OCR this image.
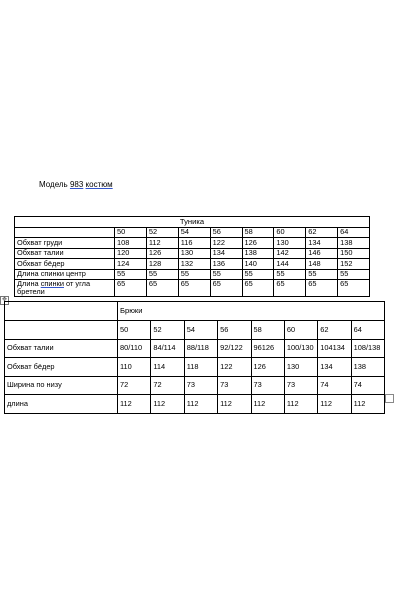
Модель 983 костюм
Туника								
	50	52	54	56	58	60	62	64
Обхват груди	108	112	116	122	126	130	134	138
Обхват талии	120	126	130	134	138	142	146	150
Обхват бёдер	124	128	132	136	140	144	148	152
Длина спинки центр	55	55	55	55	55	55	55	55
Длина спинки от угла бретели	65	65	65	65	65	65	65	65
✥
	Брюки							
	50	52	54	56	58	60	62	64
Обхват талии	80/110	84/114	88/118	92/122	96126	100/130	104134	108/138
Обхват бёдер	110	114	118	122	126	130	134	138
Ширина по низу	72	72	73	73	73	73	74	74
длина	112	112	112	112	112	112	112	112
